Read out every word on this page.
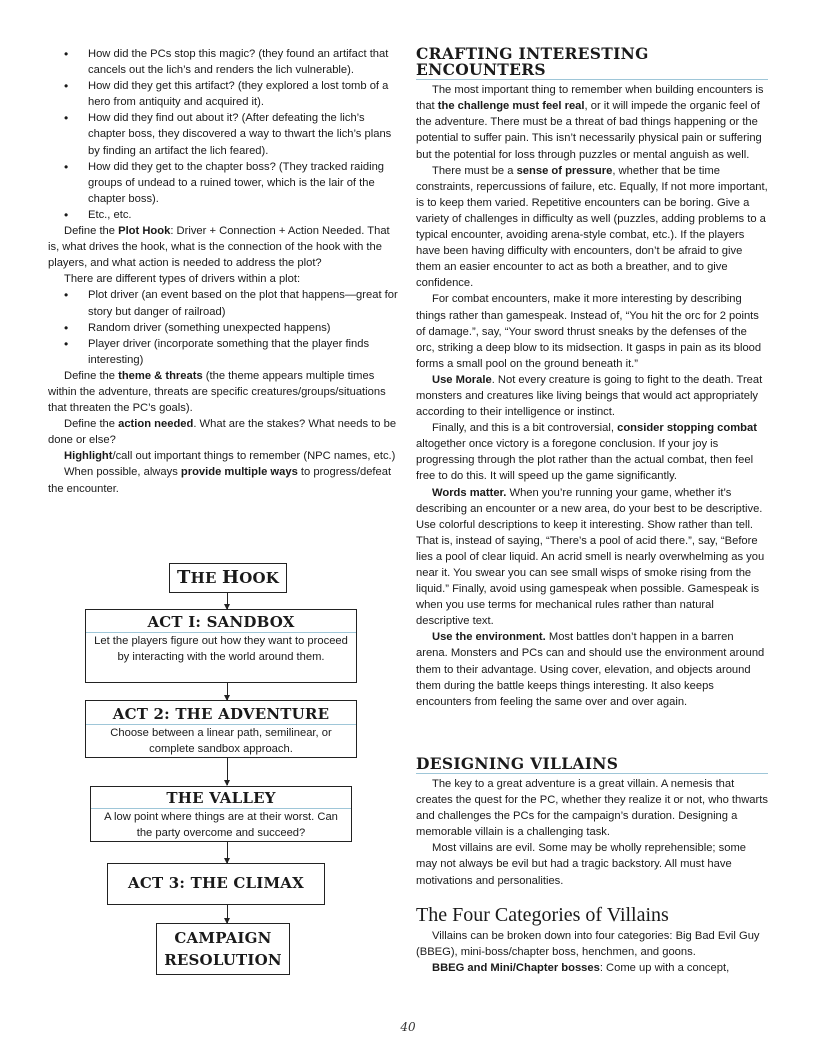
• How did the PCs stop this magic? (they found an artifact that cancels out the lich’s and renders the lich vulnerable).
• How did they get this artifact? (they explored a lost tomb of a hero from antiquity and acquired it).
• How did they find out about it? (After defeating the lich’s chapter boss, they discovered a way to thwart the lich’s plans by finding an artifact the lich feared).
• How did they get to the chapter boss? (They tracked raiding groups of undead to a ruined tower, which is the lair of the chapter boss).
• Etc., etc.

Define the Plot Hook: Driver + Connection + Action Needed. That is, what drives the hook, what is the connection of the hook with the players, and what action is needed to address the plot?

There are different types of drivers within a plot:

• Plot driver (an event based on the plot that happens—great for story but danger of railroad)
• Random driver (something unexpected happens)
• Player driver (incorporate something that the player finds interesting)

Define the theme & threats (the theme appears multiple times within the adventure, threats are specific creatures/groups/situations that threaten the PC’s goals).

Define the action needed. What are the stakes? What needs to be done or else?

Highlight/call out important things to remember (NPC names, etc.)

When possible, always provide multiple ways to progress/defeat the encounter.

THE HOOK
ACT I: SANDBOX
Let the players figure out how they want to proceed by interacting with the world around them.
ACT 2: THE ADVENTURE
Choose between a linear path, semilinear, or complete sandbox approach.
THE VALLEY
A low point where things are at their worst. Can the party overcome and succeed?
ACT 3: THE CLIMAX
CAMPAIGN
RESOLUTION
CRAFTING INTERESTING ENCOUNTERS

The most important thing to remember when building encounters is that the challenge must feel real, or it will impede the organic feel of the adventure. There must be a threat of bad things happening or the potential to suffer pain. This isn’t necessarily physical pain or suffering but the potential for loss through puzzles or mental anguish as well.

There must be a sense of pressure, whether that be time constraints, repercussions of failure, etc. Equally, If not more important, is to keep them varied. Repetitive encounters can be boring. Give a variety of challenges in difficulty as well (puzzles, adding problems to a typical encounter, avoiding arena-style combat, etc.). If the players have been having difficulty with encounters, don’t be afraid to give them an easier encounter to act as both a breather, and to give confidence.

For combat encounters, make it more interesting by describing things rather than gamespeak. Instead of, “You hit the orc for 2 points of damage.”, say, “Your sword thrust sneaks by the defenses of the orc, striking a deep blow to its midsection. It gasps in pain as its blood forms a small pool on the ground beneath it.”

Use Morale. Not every creature is going to fight to the death. Treat monsters and creatures like living beings that would act appropriately according to their intelligence or instinct.

Finally, and this is a bit controversial, consider stopping combat altogether once victory is a foregone conclusion. If your joy is progressing through the plot rather than the actual combat, then feel free to do this. It will speed up the game significantly.

Words matter. When you’re running your game, whether it’s describing an encounter or a new area, do your best to be descriptive. Use colorful descriptions to keep it interesting. Show rather than tell. That is, instead of saying, “There’s a pool of acid there.”, say, “Before lies a pool of clear liquid. An acrid smell is nearly overwhelming as you near it. You swear you can see small wisps of smoke rising from the liquid.” Finally, avoid using gamespeak when possible. Gamespeak is when you use terms for mechanical rules rather than natural descriptive text.

Use the environment. Most battles don’t happen in a barren arena. Monsters and PCs can and should use the environment around them to their advantage. Using cover, elevation, and objects around them during the battle keeps things interesting. It also keeps encounters from feeling the same over and over again.

DESIGNING VILLAINS

The key to a great adventure is a great villain. A nemesis that creates the quest for the PC, whether they realize it or not, who thwarts and challenges the PCs for the campaign’s duration. Designing a memorable villain is a challenging task.

Most villains are evil. Some may be wholly reprehensible; some may not always be evil but had a tragic backstory. All must have motivations and personalities.

The Four Categories of Villains

Villains can be broken down into four categories: Big Bad Evil Guy (BBEG), mini-boss/chapter boss, henchmen, and goons.

BBEG and Mini/Chapter bosses: Come up with a concept,

40
